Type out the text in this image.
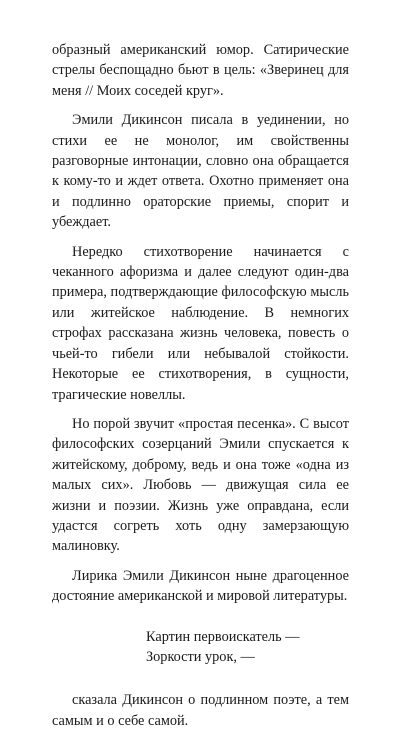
образный американский юмор. Сатирические стрелы беспощадно бьют в цель: «Зверинец для меня // Моих соседей круг».

Эмили Дикинсон писала в уединении, но стихи ее не монолог, им свойственны разговорные интонации, словно она обращается к кому-то и ждет ответа. Охотно применяет она и подлинно ораторские приемы, спорит и убеждает.

Нередко стихотворение начинается с чеканного афоризма и далее следуют один-два примера, подтверждающие философскую мысль или житейское наблюдение. В немногих строфах рассказана жизнь человека, повесть о чьей-то гибели или небывалой стойкости. Некоторые ее стихотворения, в сущности, трагические новеллы.

Но порой звучит «простая песенка». С высот философских созерцаний Эмили спускается к житейскому, доброму, ведь и она тоже «одна из малых сих». Любовь — движущая сила ее жизни и поэзии. Жизнь уже оправдана, если удастся согреть хоть одну замерзающую малиновку.

Лирика Эмили Дикинсон ныне драгоценное достояние американской и мировой литературы.

Картин первоискатель —
Зоркости урок, —

сказала Дикинсон о подлинном поэте, а тем самым и о себе самой.
